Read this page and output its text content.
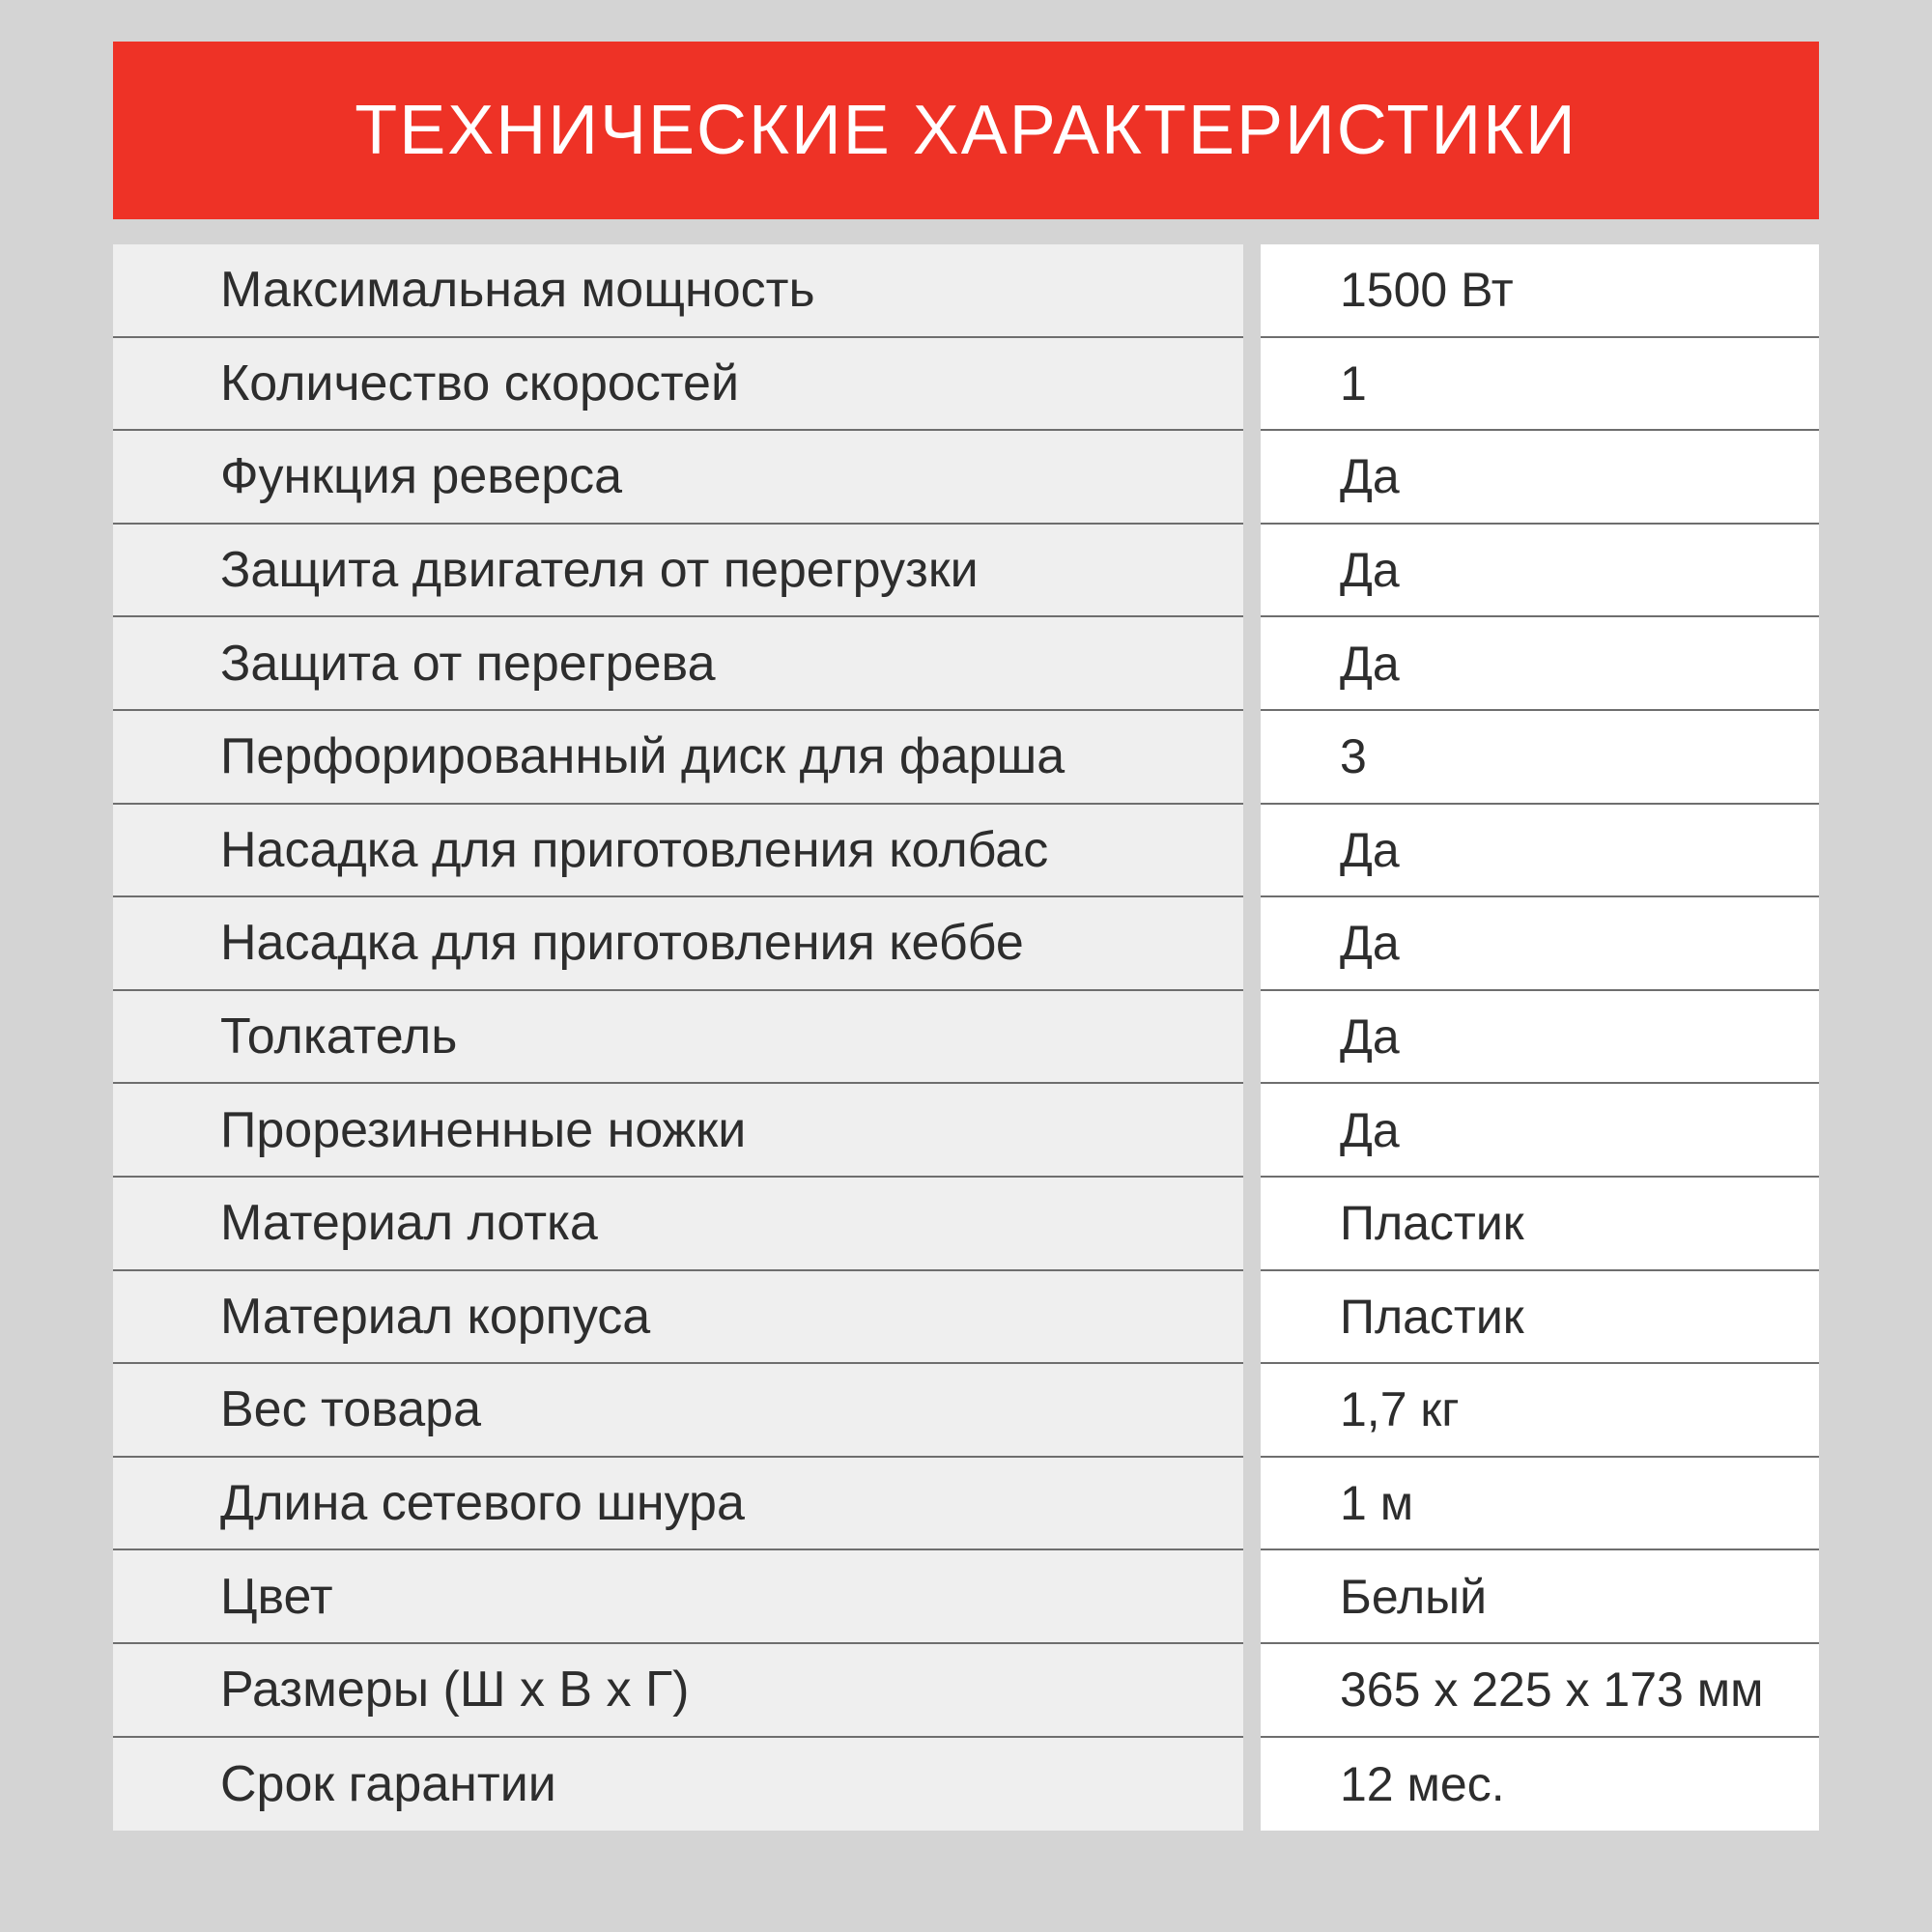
ТЕХНИЧЕСКИЕ ХАРАКТЕРИСТИКИ
Максимальная мощность	1500 Вт
Количество скоростей	1
Функция реверса	Да
Защита двигателя от перегрузки	Да
Защита от перегрева	Да
Перфорированный диск для фарша	3
Насадка для приготовления колбас	Да
Насадка для приготовления кеббе	Да
Толкатель	Да
Прорезиненные ножки	Да
Материал лотка	Пластик
Материал корпуса	Пластик
Вес товара	1,7 кг
Длина сетевого шнура	1 м
Цвет	Белый
Размеры (Ш х В х Г)	365 х 225 х 173 мм
Срок гарантии	12 мес.
